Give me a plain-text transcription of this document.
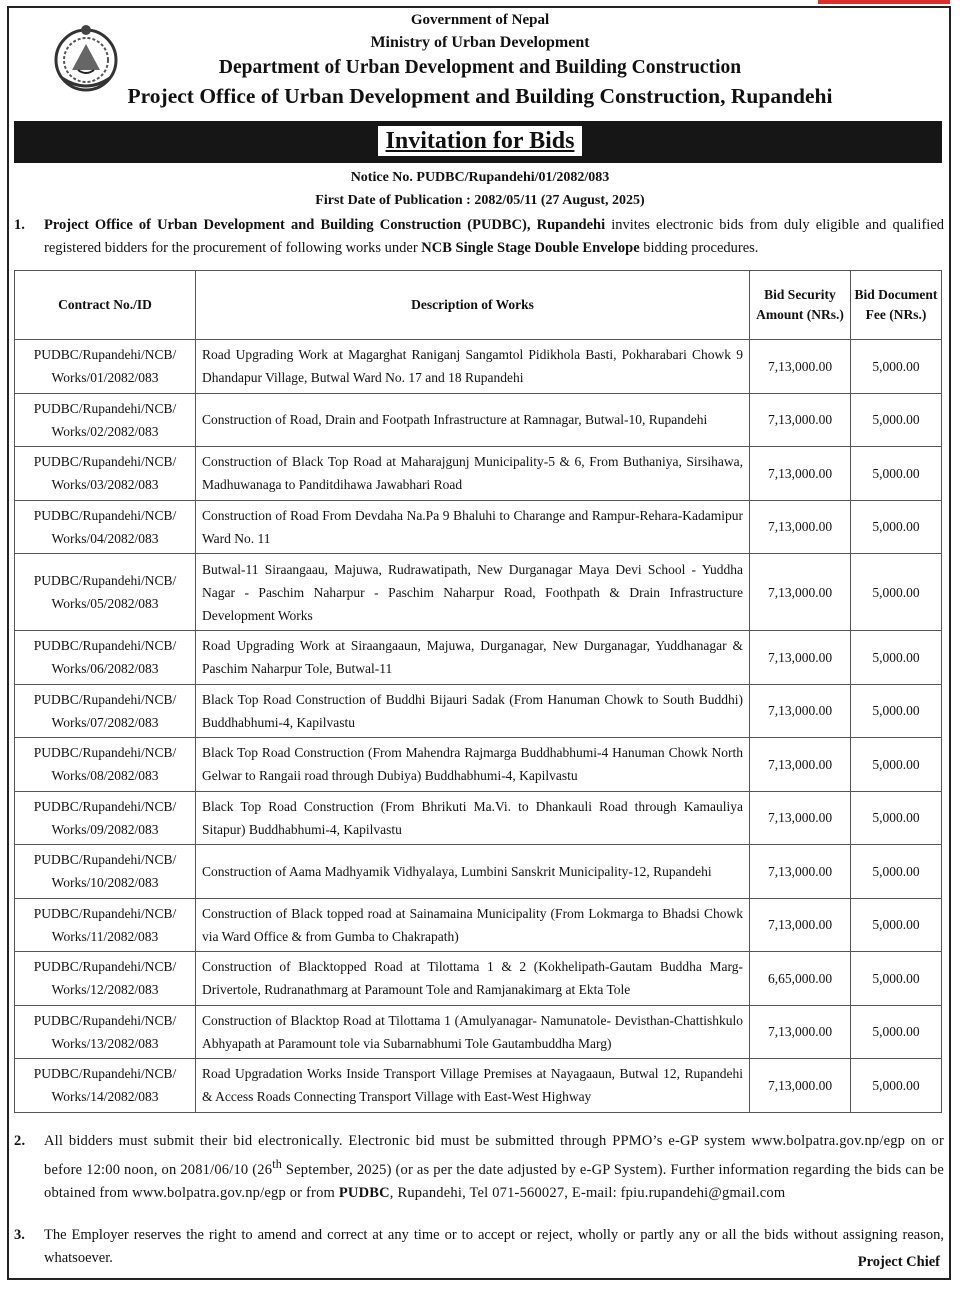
Government of Nepal
Ministry of Urban Development
Department of Urban Development and Building Construction
Project Office of Urban Development and Building Construction, Rupandehi
Invitation for Bids
Notice No. PUDBC/Rupandehi/01/2082/083
First Date of Publication : 2082/05/11 (27 August, 2025)
1. Project Office of Urban Development and Building Construction (PUDBC), Rupandehi invites electronic bids from duly eligible and qualified registered bidders for the procurement of following works under NCB Single Stage Double Envelope bidding procedures.
Contract No./ID	Description of Works	Bid Security Amount (NRs.)	Bid Document Fee (NRs.)
PUDBC/Rupandehi/NCB/ Works/01/2082/083	Road Upgrading Work at Magarghat Raniganj Sangamtol Pidikhola Basti, Pokharabari Chowk 9 Dhandapur Village, Butwal Ward No. 17 and 18 Rupandehi	7,13,000.00	5,000.00
PUDBC/Rupandehi/NCB/ Works/02/2082/083	Construction of Road, Drain and Footpath Infrastructure at Ramnagar, Butwal-10, Rupandehi	7,13,000.00	5,000.00
PUDBC/Rupandehi/NCB/ Works/03/2082/083	Construction of Black Top Road at Maharajgunj Municipality-5 & 6, From Buthaniya, Sirsihawa, Madhuwanaga to Panditdihawa Jawabhari Road	7,13,000.00	5,000.00
PUDBC/Rupandehi/NCB/ Works/04/2082/083	Construction of Road From Devdaha Na.Pa 9 Bhaluhi to Charange and Rampur-Rehara-Kadamipur Ward No. 11	7,13,000.00	5,000.00
PUDBC/Rupandehi/NCB/ Works/05/2082/083	Butwal-11 Siraangaau, Majuwa, Rudrawatipath, New Durganagar Maya Devi School - Yuddha Nagar - Paschim Naharpur - Paschim Naharpur Road, Foothpath & Drain Infrastructure Development Works	7,13,000.00	5,000.00
PUDBC/Rupandehi/NCB/ Works/06/2082/083	Road Upgrading Work at Siraangaaun, Majuwa, Durganagar, New Durganagar, Yuddhanagar & Paschim Naharpur Tole, Butwal-11	7,13,000.00	5,000.00
PUDBC/Rupandehi/NCB/ Works/07/2082/083	Black Top Road Construction of Buddhi Bijauri Sadak (From Hanuman Chowk to South Buddhi) Buddhabhumi-4, Kapilvastu	7,13,000.00	5,000.00
PUDBC/Rupandehi/NCB/ Works/08/2082/083	Black Top Road Construction (From Mahendra Rajmarga Buddhabhumi-4 Hanuman Chowk North Gelwar to Rangaii road through Dubiya) Buddhabhumi-4, Kapilvastu	7,13,000.00	5,000.00
PUDBC/Rupandehi/NCB/ Works/09/2082/083	Black Top Road Construction (From Bhrikuti Ma.Vi. to Dhankauli Road through Kamauliya Sitapur) Buddhabhumi-4, Kapilvastu	7,13,000.00	5,000.00
PUDBC/Rupandehi/NCB/ Works/10/2082/083	Construction of Aama Madhyamik Vidhyalaya, Lumbini Sanskrit Municipality-12, Rupandehi	7,13,000.00	5,000.00
PUDBC/Rupandehi/NCB/ Works/11/2082/083	Construction of Black topped road at Sainamaina Municipality (From Lokmarga to Bhadsi Chowk via Ward Office & from Gumba to Chakrapath)	7,13,000.00	5,000.00
PUDBC/Rupandehi/NCB/ Works/12/2082/083	Construction of Blacktopped Road at Tilottama 1 & 2 (Kokhelipath-Gautam Buddha Marg- Drivertole, Rudranathmarg at Paramount Tole and Ramjanakimarg at Ekta Tole	6,65,000.00	5,000.00
PUDBC/Rupandehi/NCB/ Works/13/2082/083	Construction of Blacktop Road at Tilottama 1 (Amulyanagar- Namunatole- Devisthan-Chattishkulo Abhyapath at Paramount tole via Subarnabhumi Tole Gautambuddha Marg)	7,13,000.00	5,000.00
PUDBC/Rupandehi/NCB/ Works/14/2082/083	Road Upgradation Works Inside Transport Village Premises at Nayagaaun, Butwal 12, Rupandehi & Access Roads Connecting Transport Village with East-West Highway	7,13,000.00	5,000.00
2. All bidders must submit their bid electronically. Electronic bid must be submitted through PPMO’s e-GP system www.bolpatra.gov.np/egp on or before 12:00 noon, on 2081/06/10 (26th September, 2025) (or as per the date adjusted by e-GP System). Further information regarding the bids can be obtained from www.bolpatra.gov.np/egp or from PUDBC, Rupandehi, Tel 071-560027, E-mail: fpiu.rupandehi@gmail.com
3. The Employer reserves the right to amend and correct at any time or to accept or reject, wholly or partly any or all the bids without assigning reason, whatsoever.	Project Chief
